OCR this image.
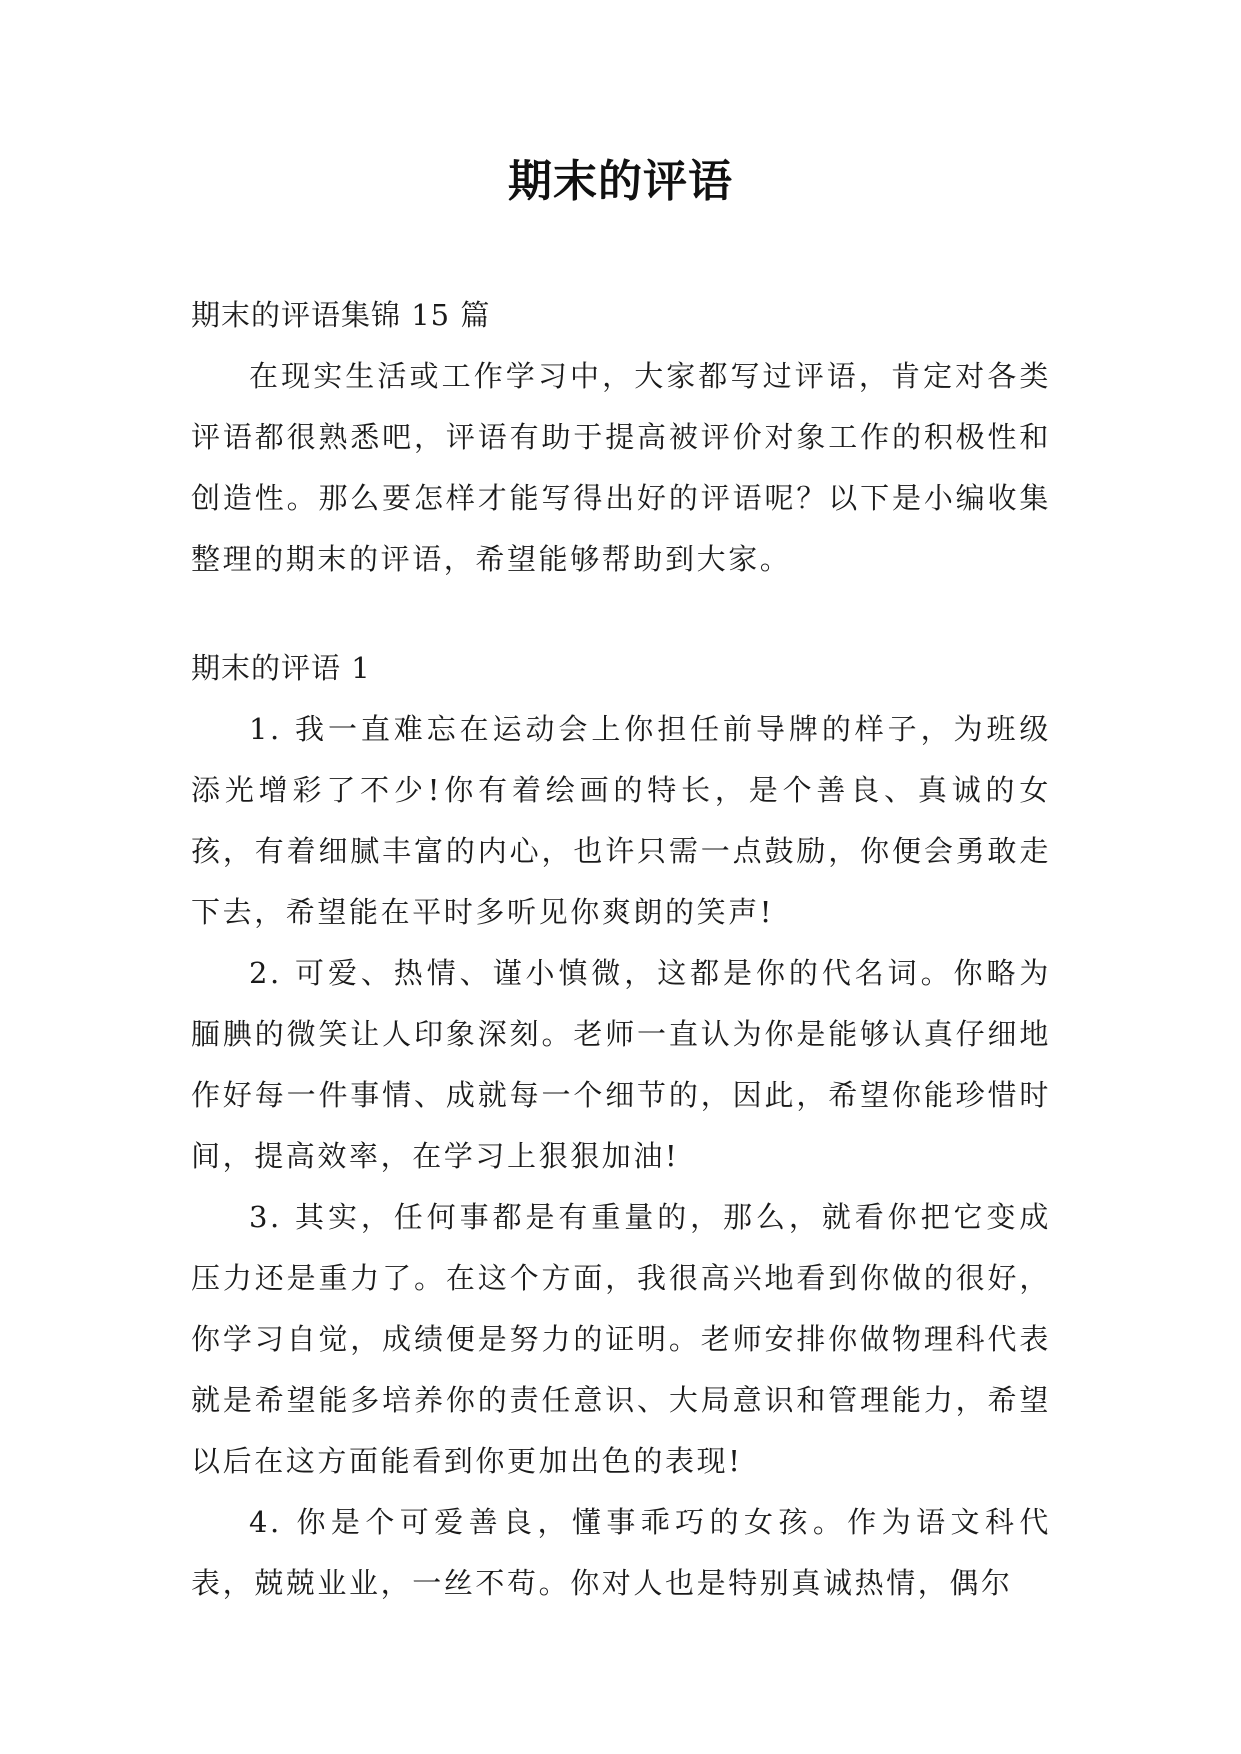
期末的评语

期末的评语集锦 15 篇

在现实生活或工作学习中，大家都写过评语，肯定对各类评语都很熟悉吧，评语有助于提高被评价对象工作的积极性和创造性。那么要怎样才能写得出好的评语呢？以下是小编收集整理的期末的评语，希望能够帮助到大家。

期末的评语 1

1. 我一直难忘在运动会上你担任前导牌的样子，为班级添光增彩了不少!你有着绘画的特长，是个善良、真诚的女孩，有着细腻丰富的内心，也许只需一点鼓励，你便会勇敢走下去，希望能在平时多听见你爽朗的笑声!

2. 可爱、热情、谨小慎微，这都是你的代名词。你略为腼腆的微笑让人印象深刻。老师一直认为你是能够认真仔细地作好每一件事情、成就每一个细节的，因此，希望你能珍惜时间，提高效率，在学习上狠狠加油!

3. 其实，任何事都是有重量的，那么，就看你把它变成压力还是重力了。在这个方面，我很高兴地看到你做的很好，你学习自觉，成绩便是努力的证明。老师安排你做物理科代表就是希望能多培养你的责任意识、大局意识和管理能力，希望以后在这方面能看到你更加出色的表现!

4. 你是个可爱善良，懂事乖巧的女孩。作为语文科代表，兢兢业业，一丝不苟。你对人也是特别真诚热情，偶尔
